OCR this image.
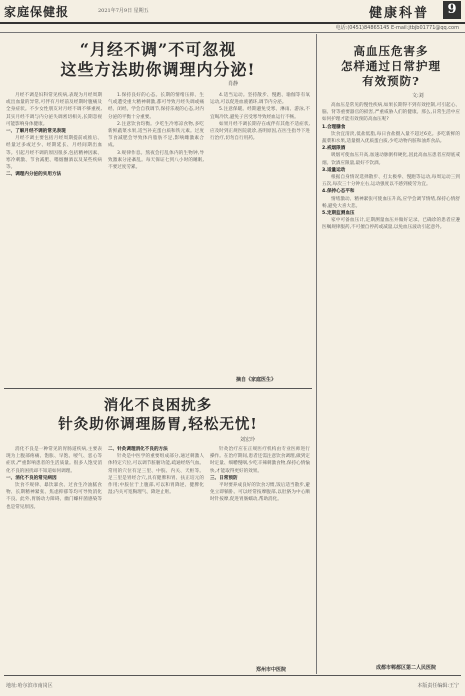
家庭保健报	2021年7月9日 星期五	健康科普	9
电话:(0451)84865145 E-mail:jtbjb01771@qq.com
“月经不调”不可忽视
这些方法助你调理内分泌!
肖静

月经不调是妇科常见疾病,表现为月经周期或出血量的异常,可伴有月经前及经期时腹痛及全身症状。不少女性朋友对月经不调不够重视,其实月经不调与内分泌失调密切相关,长期忽视可能影响身体健康。

一、了解月经不调的常见表现

月经不调主要包括月经周期提前或推后、经量过多或过少、经期延长、月经间期出血等。引起月经不调的原因很多,包括精神因素、寒冷刺激、节食减肥、嗜烟酗酒以及某些疾病等。

二、调理内分泌的实用方法

1.保持良好的心态。长期的情绪压抑、生气或遭受重大精神刺激,都可导致月经失调或痛经、闭经。学会自我调节,保持乐观的心态,对内分泌的平衡十分重要。

2.注意饮食均衡。少吃生冷寒凉食物,多吃新鲜蔬菜水果,适当补充蛋白质和铁元素。过度节食减肥会导致体内脂肪不足,影响雌激素合成。

3.规律作息。熬夜会打乱体内的生物钟,导致激素分泌紊乱。每天保证七到八小时的睡眠,不要过度劳累。

4.适当运动。坚持散步、慢跑、瑜伽等有氧运动,可以促进血液循环,调节内分泌。

5.注意保暖。经期避免受寒、淋雨、游泳,不宜喝冷饮,避免子宫受寒导致经血运行不畅。

如果月经不调长期存在或伴有其他不适症状,应及时到正规医院就诊,查明原因,在医生指导下进行治疗,切勿自行用药。

摘自《家庭医生》
高血压危害多
怎样通过日常护理
有效预防?
文:刘

高血压是常见的慢性疾病,如果长期得不到有效控制,可引起心、脑、肾等重要器官的损害,严重威胁人们的健康。那么,日常生活中应如何护理才能有效预防高血压呢?

1.合理膳食

饮食宜清淡,低盐低脂,每日食盐摄入量不超过6克。多吃新鲜的蔬菜和水果,适量摄入优质蛋白质,少吃动物内脏和油炸食品。

2.戒烟限酒

吸烟可使血压升高,加速动脉粥样硬化,因此高血压患者应彻底戒烟。饮酒应限量,最好不饮酒。

3.适量运动

根据自身情况选择散步、打太极拳、慢跑等运动,每周运动三到五次,每次三十分钟左右,运动强度以不感到疲劳为宜。

4.保持心态平和

情绪激动、精神紧张可使血压升高,应学会调节情绪,保持心情舒畅,避免大喜大悲。

5.定期监测血压

家中可备血压计,定期测量血压并做好记录。已确诊的患者应遵医嘱规律服药,不可擅自停药或减量,以免血压波动引起意外。

成都市郫都区第二人民医院
消化不良困扰多
针灸助你调理肠胃,轻松无忧!
刘宏玲

消化不良是一种常见的胃肠道疾病,主要表现为上腹部疼痛、饱胀、早饱、嗳气、恶心等症状,严重影响患者的生活质量。很多人饱受消化不良的困扰却不知道如何调理。

一、消化不良的常见病因

饮食不规律、暴饮暴食、过食生冷油腻食物、长期精神紧张、焦虑抑郁等均可导致消化不良。此外,胃肠动力障碍、幽门螺杆菌感染等也是常见原因。

二、针灸调理消化不良的方法

针灸是中医学的重要组成部分,通过刺激人体特定穴位,可以调节脏腑功能,疏通经络气血。常用的穴位有足三里、中脘、内关、天枢等。足三里是胃经合穴,具有健脾和胃、扶正培元的作用;中脘位于上腹部,可以和胃降逆、健脾化湿;内关可宽胸理气、降逆止呕。

针灸治疗应在正规医疗机构由专业医师进行操作。在治疗期间,患者还需注意饮食调理,做到定时定量、细嚼慢咽,少吃辛辣刺激食物,保持心情愉快,才能取得更好的效果。

三、日常预防

平时要养成良好的饮食习惯,饭后适当散步,避免立即躺卧。可以经常按摩腹部,以肚脐为中心顺时针按摩,促进胃肠蠕动,帮助消化。

郑州市中医院
地址:哈尔滨市南岗区	本版责任编辑:王宁
